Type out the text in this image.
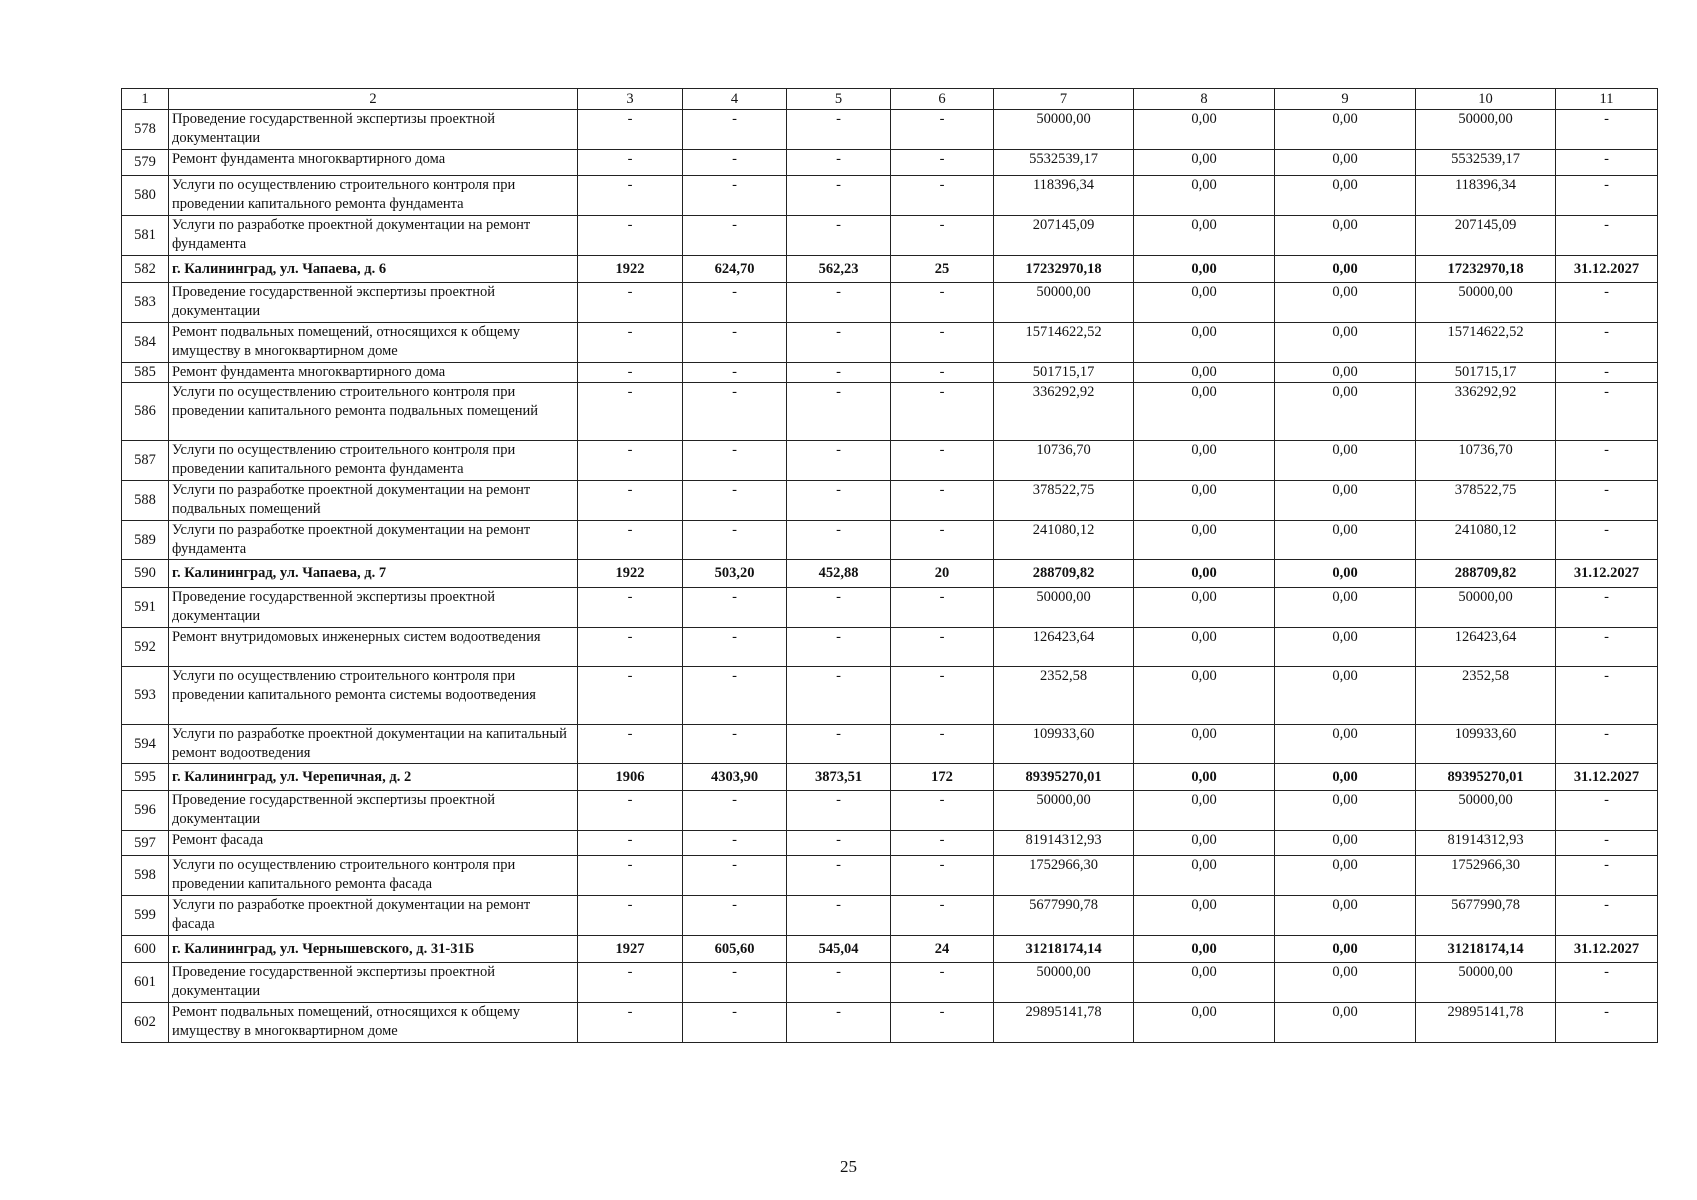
1	2	3	4	5	6	7	8	9	10	11
578	Проведение государственной экспертизы проектной документации	-	-	-	-	50000,00	0,00	0,00	50000,00	-
579	Ремонт фундамента многоквартирного дома	-	-	-	-	5532539,17	0,00	0,00	5532539,17	-
580	Услуги по осуществлению строительного контроля при проведении капитального ремонта фундамента	-	-	-	-	118396,34	0,00	0,00	118396,34	-
581	Услуги по разработке проектной документации на ремонт фундамента	-	-	-	-	207145,09	0,00	0,00	207145,09	-
582	г. Калининград, ул. Чапаева, д. 6	1922	624,70	562,23	25	17232970,18	0,00	0,00	17232970,18	31.12.2027
583	Проведение государственной экспертизы проектной документации	-	-	-	-	50000,00	0,00	0,00	50000,00	-
584	Ремонт подвальных помещений, относящихся к общему имуществу в многоквартирном доме	-	-	-	-	15714622,52	0,00	0,00	15714622,52	-
585	Ремонт фундамента многоквартирного дома	-	-	-	-	501715,17	0,00	0,00	501715,17	-
586	Услуги по осуществлению строительного контроля при проведении капитального ремонта подвальных помещений	-	-	-	-	336292,92	0,00	0,00	336292,92	-
587	Услуги по осуществлению строительного контроля при проведении капитального ремонта фундамента	-	-	-	-	10736,70	0,00	0,00	10736,70	-
588	Услуги по разработке проектной документации на ремонт подвальных помещений	-	-	-	-	378522,75	0,00	0,00	378522,75	-
589	Услуги по разработке проектной документации на ремонт фундамента	-	-	-	-	241080,12	0,00	0,00	241080,12	-
590	г. Калининград, ул. Чапаева, д. 7	1922	503,20	452,88	20	288709,82	0,00	0,00	288709,82	31.12.2027
591	Проведение государственной экспертизы проектной документации	-	-	-	-	50000,00	0,00	0,00	50000,00	-
592	Ремонт внутридомовых инженерных систем водоотведения	-	-	-	-	126423,64	0,00	0,00	126423,64	-
593	Услуги по осуществлению строительного контроля при проведении капитального ремонта системы водоотведения	-	-	-	-	2352,58	0,00	0,00	2352,58	-
594	Услуги по разработке проектной документации на капитальный ремонт водоотведения	-	-	-	-	109933,60	0,00	0,00	109933,60	-
595	г. Калининград, ул. Черепичная, д. 2	1906	4303,90	3873,51	172	89395270,01	0,00	0,00	89395270,01	31.12.2027
596	Проведение государственной экспертизы проектной документации	-	-	-	-	50000,00	0,00	0,00	50000,00	-
597	Ремонт фасада	-	-	-	-	81914312,93	0,00	0,00	81914312,93	-
598	Услуги по осуществлению строительного контроля при проведении капитального ремонта фасада	-	-	-	-	1752966,30	0,00	0,00	1752966,30	-
599	Услуги по разработке проектной документации на ремонт фасада	-	-	-	-	5677990,78	0,00	0,00	5677990,78	-
600	г. Калининград, ул. Чернышевского, д. 31-31Б	1927	605,60	545,04	24	31218174,14	0,00	0,00	31218174,14	31.12.2027
601	Проведение государственной экспертизы проектной документации	-	-	-	-	50000,00	0,00	0,00	50000,00	-
602	Ремонт подвальных помещений, относящихся к общему имуществу в многоквартирном доме	-	-	-	-	29895141,78	0,00	0,00	29895141,78	-
25
